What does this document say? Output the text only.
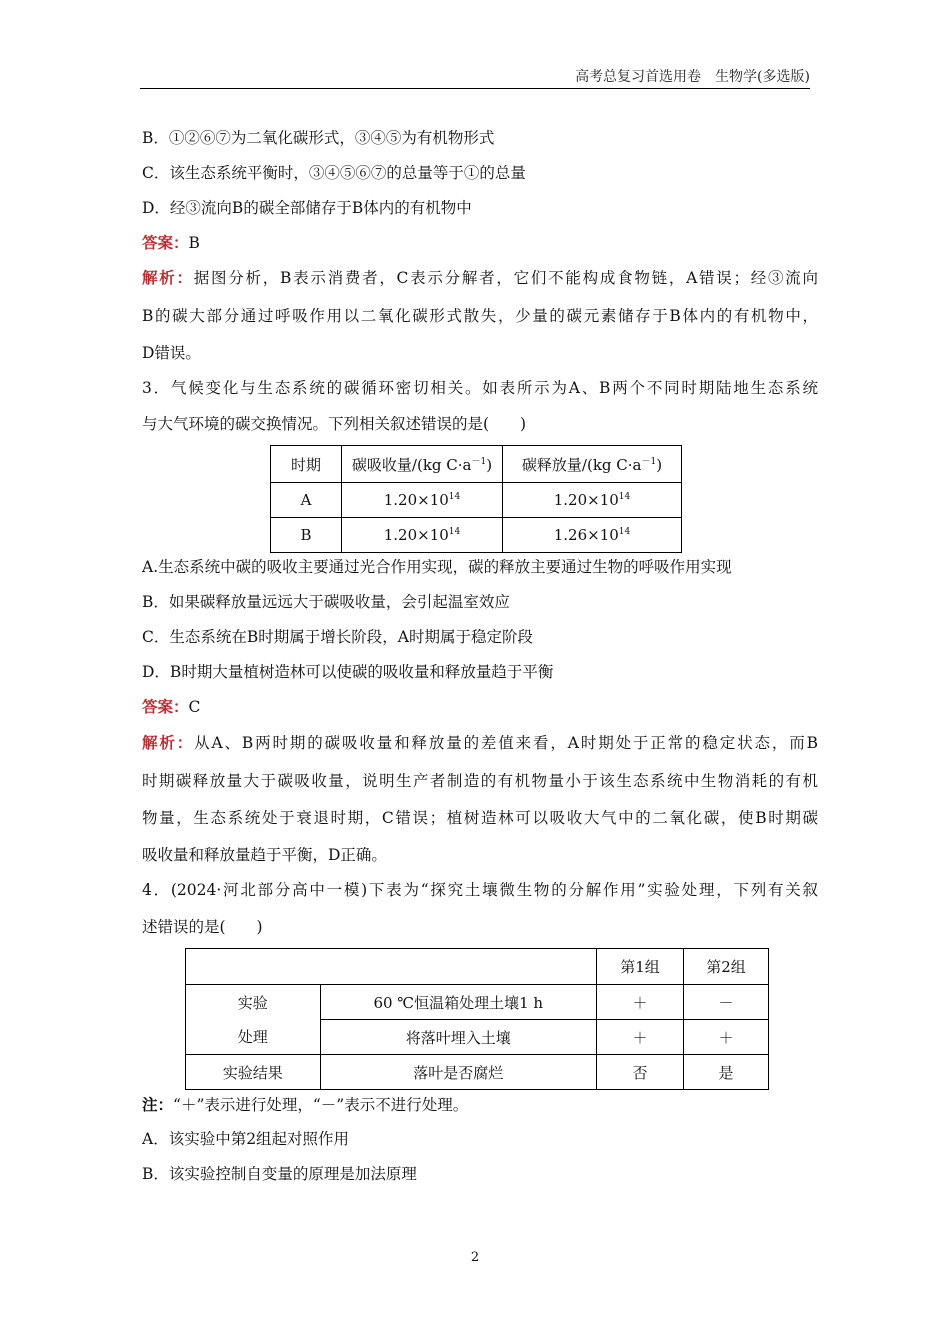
高考总复习首选用卷　生物学(多选版)
B．①②⑥⑦为二氧化碳形式，③④⑤为有机物形式
C．该生态系统平衡时，③④⑤⑥⑦的总量等于①的总量
D．经③流向B的碳全部储存于B体内的有机物中
答案：B
解析：据图分析，B表示消费者，C表示分解者，它们不能构成食物链，A错误；经③流向
B的碳大部分通过呼吸作用以二氧化碳形式散失，少量的碳元素储存于B体内的有机物中，
D错误。
3．气候变化与生态系统的碳循环密切相关。如表所示为A、B两个不同时期陆地生态系统
与大气环境的碳交换情况。下列相关叙述错误的是(　　)
时期	碳吸收量/(kg $C\cdot a^{-1}$)	碳释放量/(kg $C\cdot a^{-1}$)
A	$1.20\times 10^{14}$	$1.20\times 10^{14}$
B	$1.20\times 10^{14}$	$1.26\times 10^{14}$
A.生态系统中碳的吸收主要通过光合作用实现，碳的释放主要通过生物的呼吸作用实现
B．如果碳释放量远远大于碳吸收量，会引起温室效应
C．生态系统在B时期属于增长阶段，A时期属于稳定阶段
D．B时期大量植树造林可以使碳的吸收量和释放量趋于平衡
答案：C
解析：从A、B两时期的碳吸收量和释放量的差值来看，A时期处于正常的稳定状态，而B
时期碳释放量大于碳吸收量，说明生产者制造的有机物量小于该生态系统中生物消耗的有机
物量，生态系统处于衰退时期，C错误；植树造林可以吸收大气中的二氧化碳，使B时期碳
吸收量和释放量趋于平衡，D正确。
4．(2024·河北部分高中一模)下表为“探究土壤微生物的分解作用”实验处理，下列有关叙
述错误的是(　　)
		第1组	第2组

实验
处理	60 ℃恒温箱处理土壤1 h	＋	－
	将落叶埋入土壤	＋	＋
实验结果	落叶是否腐烂	否	是
注：“＋”表示进行处理，“－”表示不进行处理。
A．该实验中第2组起对照作用
B．该实验控制自变量的原理是加法原理
2
